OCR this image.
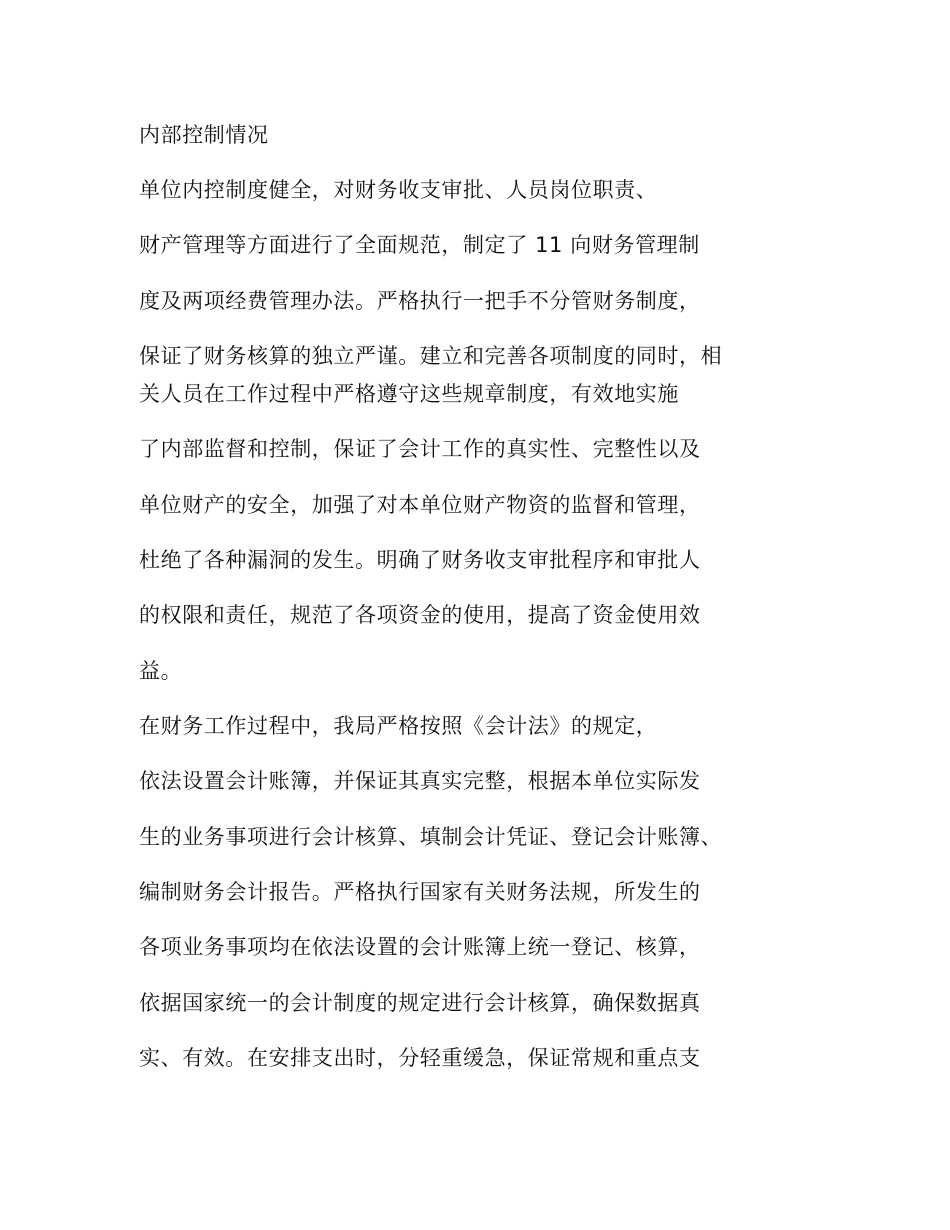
内部控制情况
单位内控制度健全，对财务收支审批、人员岗位职责、
财产管理等方面进行了全面规范，制定了 11 向财务管理制
度及两项经费管理办法。严格执行一把手不分管财务制度，
保证了财务核算的独立严谨。建立和完善各项制度的同时，相
关人员在工作过程中严格遵守这些规章制度，有效地实施
了内部监督和控制，保证了会计工作的真实性、完整性以及
单位财产的安全，加强了对本单位财产物资的监督和管理，
杜绝了各种漏洞的发生。明确了财务收支审批程序和审批人
的权限和责任，规范了各项资金的使用，提高了资金使用效
益。
在财务工作过程中，我局严格按照《会计法》的规定，
依法设置会计账簿，并保证其真实完整，根据本单位实际发
生的业务事项进行会计核算、填制会计凭证、登记会计账簿、
编制财务会计报告。严格执行国家有关财务法规，所发生的
各项业务事项均在依法设置的会计账簿上统一登记、核算，
依据国家统一的会计制度的规定进行会计核算，确保数据真
实、有效。在安排支出时，分轻重缓急，保证常规和重点支
